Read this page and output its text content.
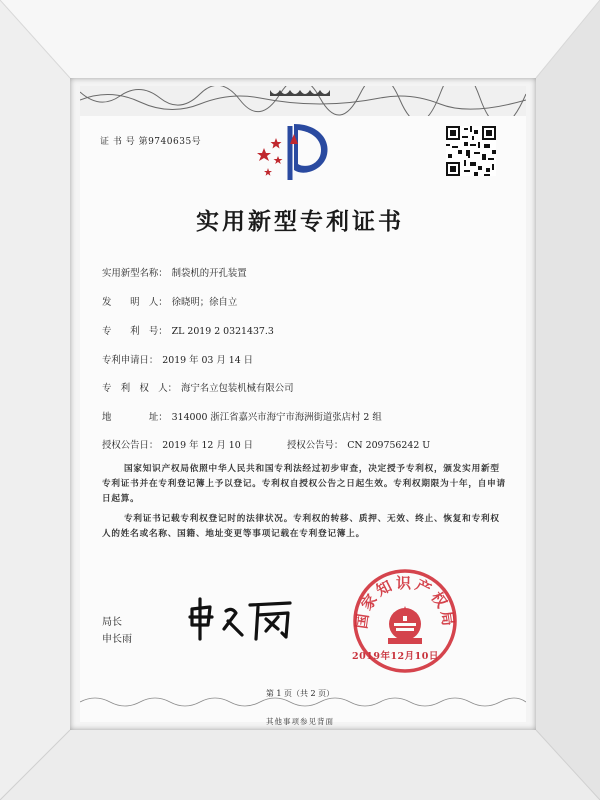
证 书 号 第9740635号
实用新型专利证书
实用新型名称： 制袋机的开孔装置
发　　明　人： 徐晓明；徐自立
专　　利　号： ZL 2019 2 0321437.3
专利申请日： 2019 年 03 月 14 日
专　利　权　人： 海宁名立包装机械有限公司
地　　　　址： 314000 浙江省嘉兴市海宁市海洲街道张店村 2 组
授权公告日： 2019 年 12 月 10 日	授权公告号： CN 209756242 U
国家知识产权局依照中华人民共和国专利法经过初步审查，决定授予专利权，颁发实用新型专利证书并在专利登记簿上予以登记。专利权自授权公告之日起生效。专利权期限为十年，自申请日起算。
专利证书记载专利权登记时的法律状况。专利权的转移、质押、无效、终止、恢复和专利权人的姓名或名称、国籍、地址变更等事项记载在专利登记簿上。
局长
申长雨
国家知识产权局
2019年12月10日
第 1 页（共 2 页）
其他事项参见背面
